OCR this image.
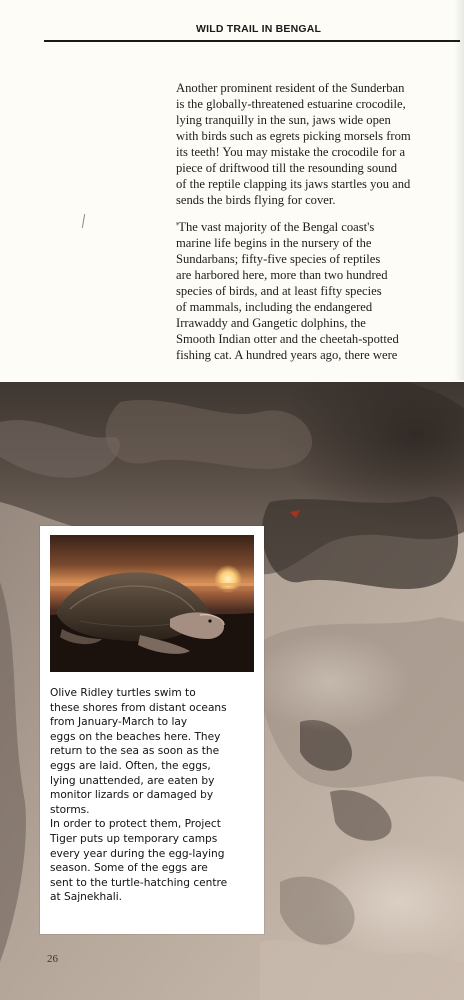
WILD TRAIL IN BENGAL
Another prominent resident of the Sunderban
is the globally-threatened estuarine crocodile,
lying tranquilly in the sun, jaws wide open
with birds such as egrets picking morsels from
its teeth! You may mistake the crocodile for a
piece of driftwood till the resounding sound
of the reptile clapping its jaws startles you and
sends the birds flying for cover.
'The vast majority of the Bengal coast's
marine life begins in the nursery of the
Sundarbans; fifty-five species of reptiles
are harbored here, more than two hundred
species of birds, and at least fifty species
of mammals, including the endangered
Irrawaddy and Gangetic dolphins, the
Smooth Indian otter and the cheetah-spotted
fishing cat. A hundred years ago, there were
Olive Ridley turtles swim to
these shores from distant oceans
from January-March to lay
eggs on the beaches here. They
return to the sea as soon as the
eggs are laid. Often, the eggs,
lying unattended, are eaten by
monitor lizards or damaged by
storms.
In order to protect them, Project
Tiger puts up temporary camps
every year during the egg-laying
season. Some of the eggs are
sent to the turtle-hatching centre
at Sajnekhali.
26
